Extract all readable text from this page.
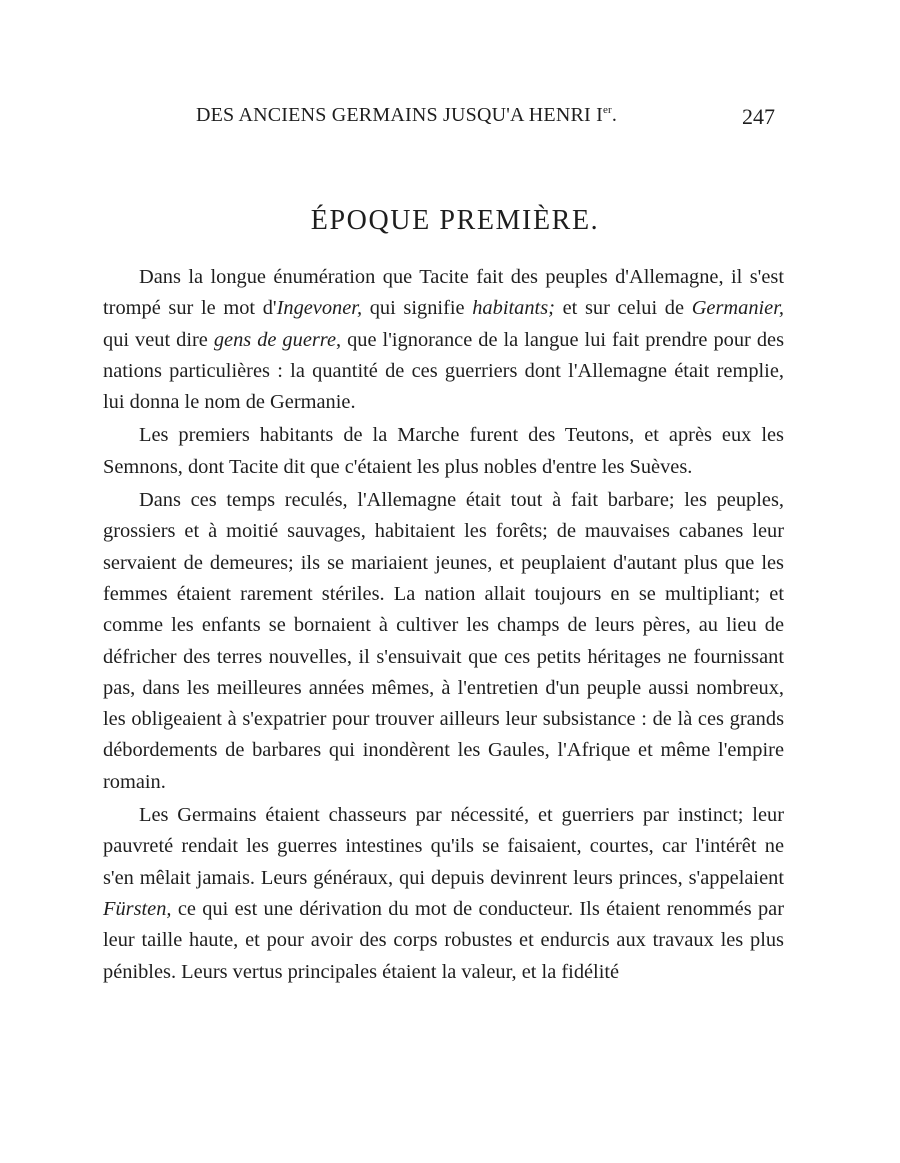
DES ANCIENS GERMAINS JUSQU'A HENRI Ier.	247
ÉPOQUE PREMIÈRE.

Dans la longue énumération que Tacite fait des peuples d'Allemagne, il s'est trompé sur le mot d'Ingevoner, qui signifie habitants; et sur celui de Germanier, qui veut dire gens de guerre, que l'ignorance de la langue lui fait prendre pour des nations particulières : la quantité de ces guerriers dont l'Allemagne était remplie, lui donna le nom de Germanie.

Les premiers habitants de la Marche furent des Teutons, et après eux les Semnons, dont Tacite dit que c'étaient les plus nobles d'entre les Suèves.

Dans ces temps reculés, l'Allemagne était tout à fait barbare; les peuples, grossiers et à moitié sauvages, habitaient les forêts; de mauvaises cabanes leur servaient de demeures; ils se mariaient jeunes, et peuplaient d'autant plus que les femmes étaient rarement stériles. La nation allait toujours en se multipliant; et comme les enfants se bornaient à cultiver les champs de leurs pères, au lieu de défricher des terres nouvelles, il s'ensuivait que ces petits héritages ne fournissant pas, dans les meilleures années mêmes, à l'entretien d'un peuple aussi nombreux, les obligeaient à s'expatrier pour trouver ailleurs leur subsistance : de là ces grands débordements de barbares qui inondèrent les Gaules, l'Afrique et même l'empire romain.

Les Germains étaient chasseurs par nécessité, et guerriers par instinct; leur pauvreté rendait les guerres intestines qu'ils se faisaient, courtes, car l'intérêt ne s'en mêlait jamais. Leurs généraux, qui depuis devinrent leurs princes, s'appelaient Fürsten, ce qui est une dérivation du mot de conducteur. Ils étaient renommés par leur taille haute, et pour avoir des corps robustes et endurcis aux travaux les plus pénibles. Leurs vertus principales étaient la valeur, et la fidélité
